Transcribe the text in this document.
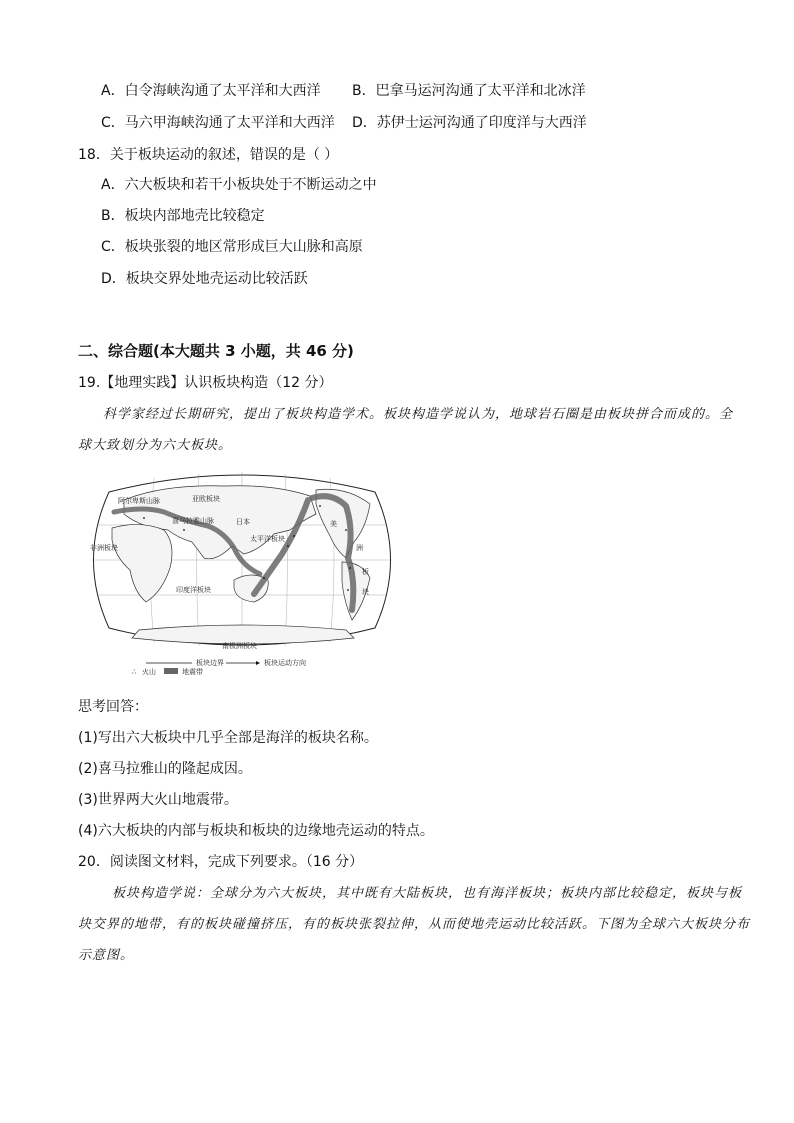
A．白令海峡沟通了太平洋和大西洋 B．巴拿马运河沟通了太平洋和北冰洋
C．马六甲海峡沟通了太平洋和大西洋 D．苏伊士运河沟通了印度洋与大西洋
18．关于板块运动的叙述，错误的是（ ）
A．六大板块和若干小板块处于不断运动之中
B．板块内部地壳比较稳定
C．板块张裂的地区常形成巨大山脉和高原
D．板块交界处地壳运动比较活跃
二、综合题(本大题共 3 小题，共 46 分)
19.【地理实践】认识板块构造（12 分）
科学家经过长期研究，提出了板块构造学术。板块构造学说认为，地球岩石圈是由板块拼合而成的。全
球大致划分为六大板块。
阿尔卑斯山脉	亚欧板块
喜马拉雅山脉	日本
太平洋板块
非洲板块
印度洋板块
南极洲板块
美
洲
板
块
板块边界	板块运动方向
∴ 火山	地震带
思考回答：
(1)写出六大板块中几乎全部是海洋的板块名称。
(2)喜马拉雅山的隆起成因。
(3)世界两大火山地震带。
(4)六大板块的内部与板块和板块的边缘地壳运动的特点。
20．阅读图文材料，完成下列要求。（16 分）
板块构造学说：全球分为六大板块，其中既有大陆板块，也有海洋板块；板块内部比较稳定，板块与板
块交界的地带，有的板块碰撞挤压，有的板块张裂拉伸，从而使地壳运动比较活跃。下图为全球六大板块分布
示意图。
